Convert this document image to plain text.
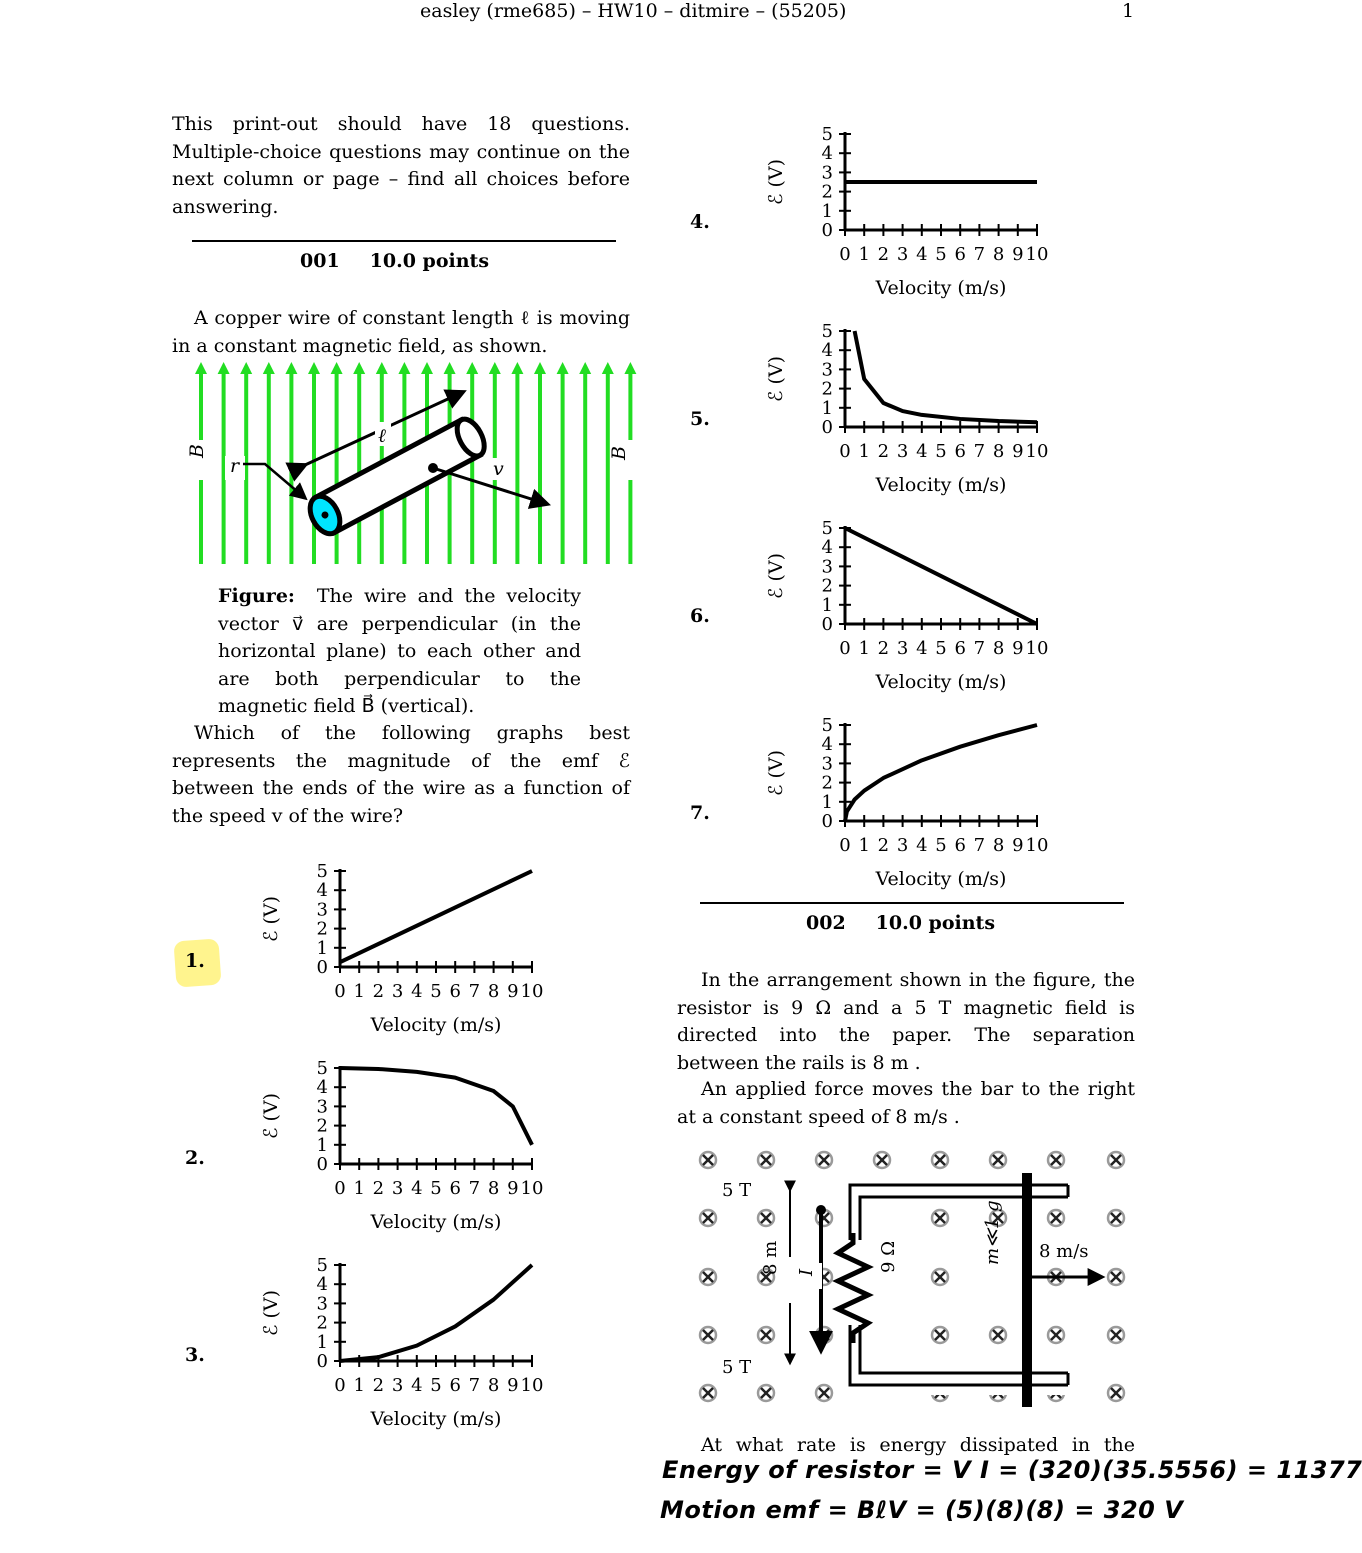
easley (rme685) – HW10 – ditmire – (55205)	1
This print-out should have 18 questions. Multiple-choice questions may continue on the next column or page – find all choices before answering.
001 10.0 points
A copper wire of constant length ℓ is moving in a constant magnetic field, as shown.
B	B
ℓ
r	v
Figure: The wire and the velocity vector v⃗ are perpendicular (in the horizontal plane) to each other and are both perpendicular to the magnetic field B⃗ (vertical).
Which of the following graphs best represents the magnitude of the emf ℰ between the ends of the wire as a function of the speed v of the wire?
1.
2.
3.
4.
5.
6.
7.
0 1 2 3 4 5 6 7 8 9 10
0
1
2
3
4
5
ℰ (V)
Velocity (m/s)
0 1 2 3 4 5 6 7 8 9 10
0
1
2
3
4
5
ℰ (V)
Velocity (m/s)
0 1 2 3 4 5 6 7 8 9 10
0
1
2
3
4
5
ℰ (V)
Velocity (m/s)
0 1 2 3 4 5 6 7 8 9 10
0
1
2
3
4
5
ℰ (V)
Velocity (m/s)
0 1 2 3 4 5 6 7 8 9 10
0
1
2
3
4
5
ℰ (V)
Velocity (m/s)
0 1 2 3 4 5 6 7 8 9 10
0
1
2
3
4
5
ℰ (V)
Velocity (m/s)
0 1 2 3 4 5 6 7 8 9 10
0
1
2
3
4
5
ℰ (V)
Velocity (m/s)
002 10.0 points
In the arrangement shown in the figure, the resistor is 9 Ω and a 5 T magnetic field is directed into the paper. The separation between the rails is 8 m .
An applied force moves the bar to the right at a constant speed of 8 m/s .
8 m I	9 Ω	m≪1 g
5 T
5 T
8 m/s
At what rate is energy dissipated in the
Energy of resistor = V I = (320)(35.5556) = 11377
Motion emf = BℓV = (5)(8)(8) = 320 V
